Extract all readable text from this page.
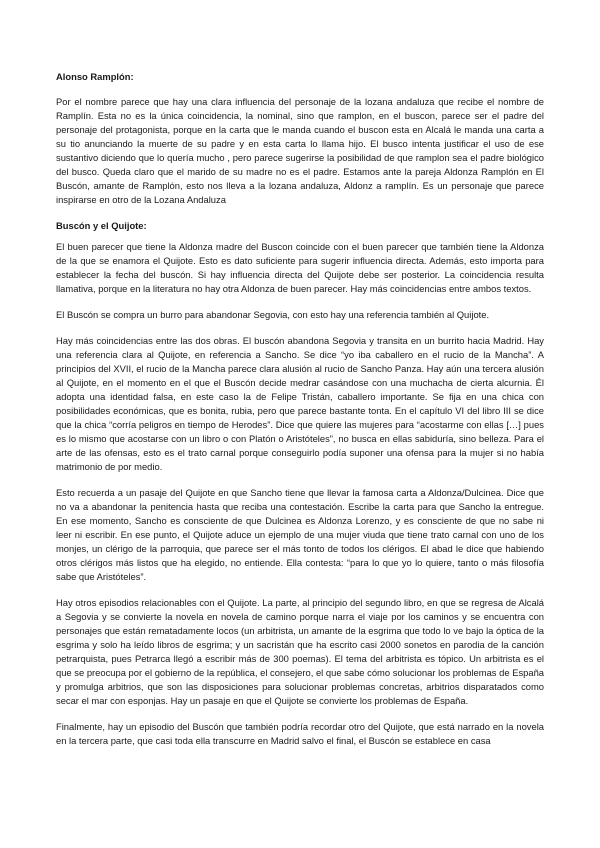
Alonso Ramplón:

Por el nombre parece que hay una clara influencia del personaje de la lozana andaluza que recibe el nombre de Ramplín. Esta no es la única coincidencia, la nominal, sino que ramplon, en el buscon, parece ser el padre del personaje del protagonista, porque en la carta que le manda cuando el buscon esta en Alcalá le manda una carta a su tio anunciando la muerte de su padre y en esta carta lo llama hijo. El busco intenta justificar el uso de ese sustantivo diciendo que lo quería mucho , pero parece sugerirse la posibilidad de que ramplon sea el padre biológico del busco. Queda claro que el marido de su madre no es el padre. Estamos ante la pareja Aldonza Ramplón en El Buscón, amante de Ramplón, esto nos lleva a la lozana andaluza, Aldonz a ramplín. Es un personaje que parece inspirarse en otro de la Lozana Andaluza

Buscón y el Quijote:

El buen parecer que tiene la Aldonza madre del Buscon coincide con el buen parecer que también tiene la Aldonza de la que se enamora el Quijote. Esto es dato suficiente para sugerir influencia directa. Además, esto importa para establecer la fecha del buscón. Si hay influencia directa del Quijote debe ser posterior. La coincidencia resulta llamativa, porque en la literatura no hay otra Aldonza de buen parecer. Hay más coincidencias entre ambos textos.

El Buscón se compra un burro para abandonar Segovia, con esto hay una referencia también al Quijote.

Hay más coincidencias entre las dos obras. El buscón abandona Segovia y transita en un burrito hacia Madrid. Hay una referencia clara al Quijote, en referencia a Sancho. Se dice “yo iba caballero en el rucio de la Mancha”. A principios del XVII, el rucio de la Mancha parece clara alusión al rucio de Sancho Panza. Hay aún una tercera alusión al Quijote, en el momento en el que el Buscón decide medrar casándose con una muchacha de cierta alcurnia. Él adopta una identidad falsa, en este caso la de Felipe Tristán, caballero importante. Se fija en una chica con posibilidades económicas, que es bonita, rubia, pero que parece bastante tonta. En el capítulo VI del libro III se dice que la chica “corría peligros en tiempo de Herodes”. Dice que quiere las mujeres para “acostarme con ellas […] pues es lo mismo que acostarse con un libro o con Platón o Aristóteles”, no busca en ellas sabiduría, sino belleza. Para el arte de las ofensas, esto es el trato carnal porque conseguirlo podía suponer una ofensa para la mujer si no había matrimonio de por medio.

Esto recuerda a un pasaje del Quijote en que Sancho tiene que llevar la famosa carta a Aldonza/Dulcinea. Dice que no va a abandonar la penitencia hasta que reciba una contestación. Escribe la carta para que Sancho la entregue. En ese momento, Sancho es consciente de que Dulcinea es Aldonza Lorenzo, y es consciente de que no sabe ni leer ni escribir. En ese punto, el Quijote aduce un ejemplo de una mujer viuda que tiene trato carnal con uno de los monjes, un clérigo de la parroquia, que parece ser el más tonto de todos los clérigos. El abad le dice que habiendo otros clérigos más listos que ha elegido, no entiende. Ella contesta: “para lo que yo lo quiere, tanto o más filosofía sabe que Aristóteles”.

Hay otros episodios relacionables con el Quijote. La parte, al principio del segundo libro, en que se regresa de Alcalá a Segovia y se convierte la novela en novela de camino porque narra el viaje por los caminos y se encuentra con personajes que están rematadamente locos (un arbitrista, un amante de la esgrima que todo lo ve bajo la óptica de la esgrima y solo ha leído libros de esgrima; y un sacristán que ha escrito casi 2000 sonetos en parodia de la canción petrarquista, pues Petrarca llegó a escribir más de 300 poemas). El tema del arbitrista es tópico. Un arbitrista es el que se preocupa por el gobierno de la república, el consejero, el que sabe cómo solucionar los problemas de España y promulga arbitrios, que son las disposiciones para solucionar problemas concretas, arbitrios disparatados como secar el mar con esponjas. Hay un pasaje en que el Quijote se convierte los problemas de España.

Finalmente, hay un episodio del Buscón que también podría recordar otro del Quijote, que está narrado en la novela en la tercera parte, que casi toda ella transcurre en Madrid salvo el final, el Buscón se establece en casa
